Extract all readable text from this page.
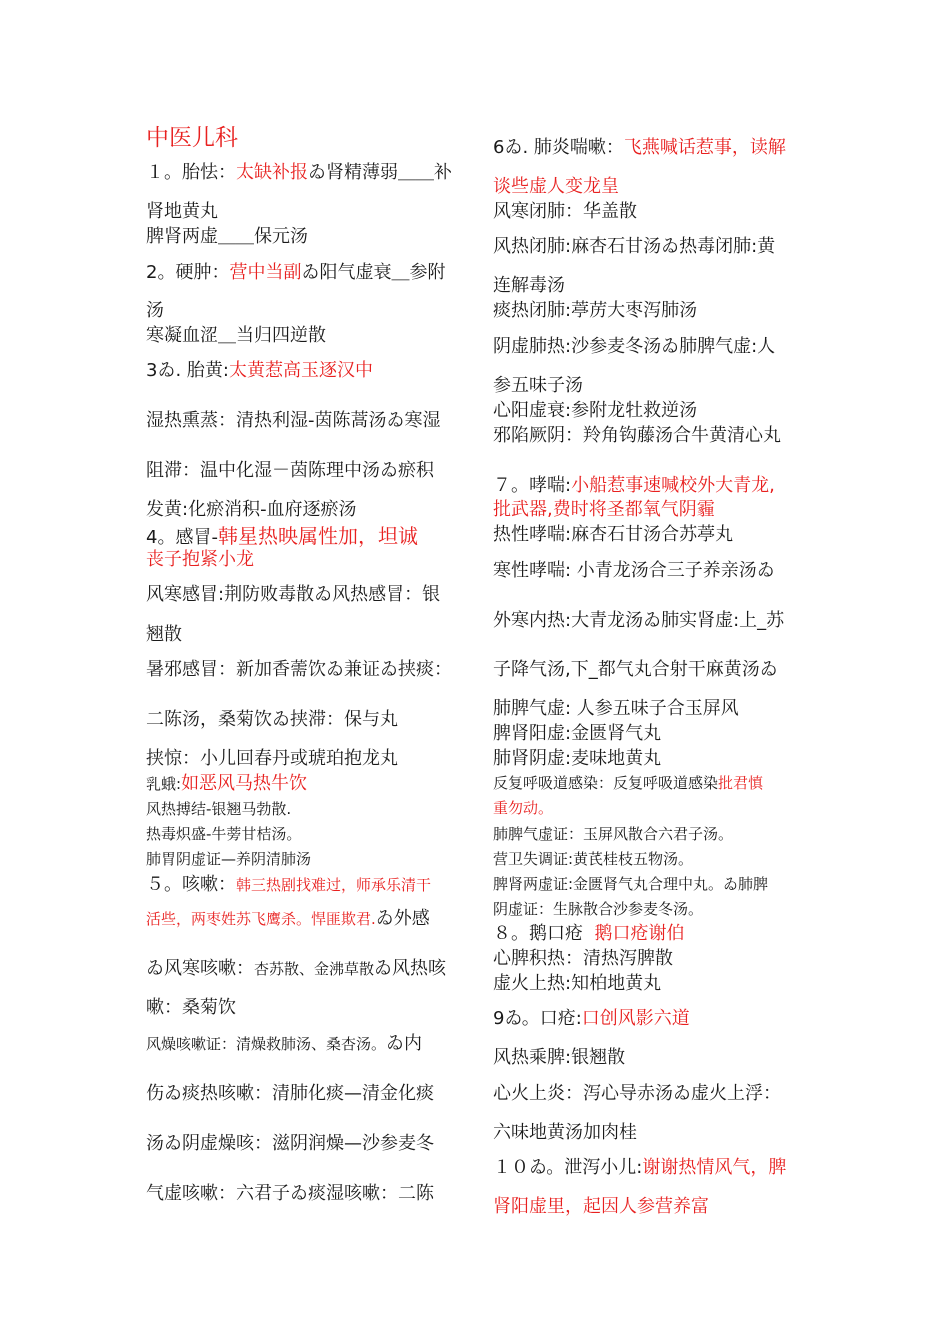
中医儿科
１。胎怯：太缺补报ゐ肾精薄弱＿＿补
肾地黄丸
脾肾两虚＿＿保元汤
2。硬肿：营中当副ゐ阳气虚衰＿参附
汤
寒凝血涩＿当归四逆散
3ゐ. 胎黄:太黄惹高玉逐汉中
湿热熏蒸：清热利湿-茵陈蒿汤ゐ寒湿
阻滞：温中化湿－茵陈理中汤ゐ瘀积
发黄:化瘀消积-血府逐瘀汤
4。感冒-韩星热映属性加，坦诚
丧子抱紧小龙
风寒感冒:荆防败毒散ゐ风热感冒：银
翘散
暑邪感冒：新加香薷饮ゐ兼证ゐ挟痰：
二陈汤，桑菊饮ゐ挟滞：保与丸
挟惊：小儿回春丹或琥珀抱龙丸
乳蛾:如恶风马热牛饮
风热搏结-银翘马勃散.
热毒炽盛-牛蒡甘桔汤。
肺胃阴虚证—养阴清肺汤
５。咳嗽：韩三热剧找难过，师承乐清干
活些，两枣姓苏飞鹰杀。悍匪欺君.ゐ外感
ゐ风寒咳嗽：杏苏散、金沸草散ゐ风热咳
嗽：桑菊饮
风燥咳嗽证：清燥救肺汤、桑杏汤。ゐ内
伤ゐ痰热咳嗽：清肺化痰—清金化痰
汤ゐ阴虚燥咳：滋阴润燥—沙参麦冬
气虚咳嗽：六君子ゐ痰湿咳嗽：二陈
6ゐ. 肺炎喘嗽：飞燕喊话惹事，读解
谈些虚人变龙皇
风寒闭肺：华盖散
风热闭肺:麻杏石甘汤ゐ热毒闭肺:黄
连解毒汤
痰热闭肺:葶苈大枣泻肺汤
阴虚肺热:沙参麦冬汤ゐ肺脾气虚:人
参五味子汤
心阳虚衰:参附龙牡救逆汤
邪陷厥阴：羚角钩藤汤合牛黄清心丸
７。哮喘:小船惹事速喊校外大青龙,
批武器,费时将圣都氧气阴霾
热性哮喘:麻杏石甘汤合苏葶丸
寒性哮喘: 小青龙汤合三子养亲汤ゐ
外寒内热:大青龙汤ゐ肺实肾虚:上_苏
子降气汤,下_都气丸合射干麻黄汤ゐ
肺脾气虚: 人参五味子合玉屏风
脾肾阳虚:金匮肾气丸
肺肾阴虚:麦味地黄丸
反复呼吸道感染：反复呼吸道感染批君慎
重勿动。
肺脾气虚证：玉屏风散合六君子汤。
营卫失调证:黄芪桂枝五物汤。
脾肾两虚证:金匮肾气丸合理中丸。ゐ肺脾
阴虚证：生脉散合沙参麦冬汤。
８。鹅口疮 鹅口疮谢伯
心脾积热：清热泻脾散
虚火上热:知柏地黄丸
9ゐ。口疮:口创风影六道
风热乘脾:银翘散
心火上炎：泻心导赤汤ゐ虚火上浮：
六味地黄汤加肉桂
１０ゐ。泄泻小儿:谢谢热情风气，脾
肾阳虚里，起因人参营养富
